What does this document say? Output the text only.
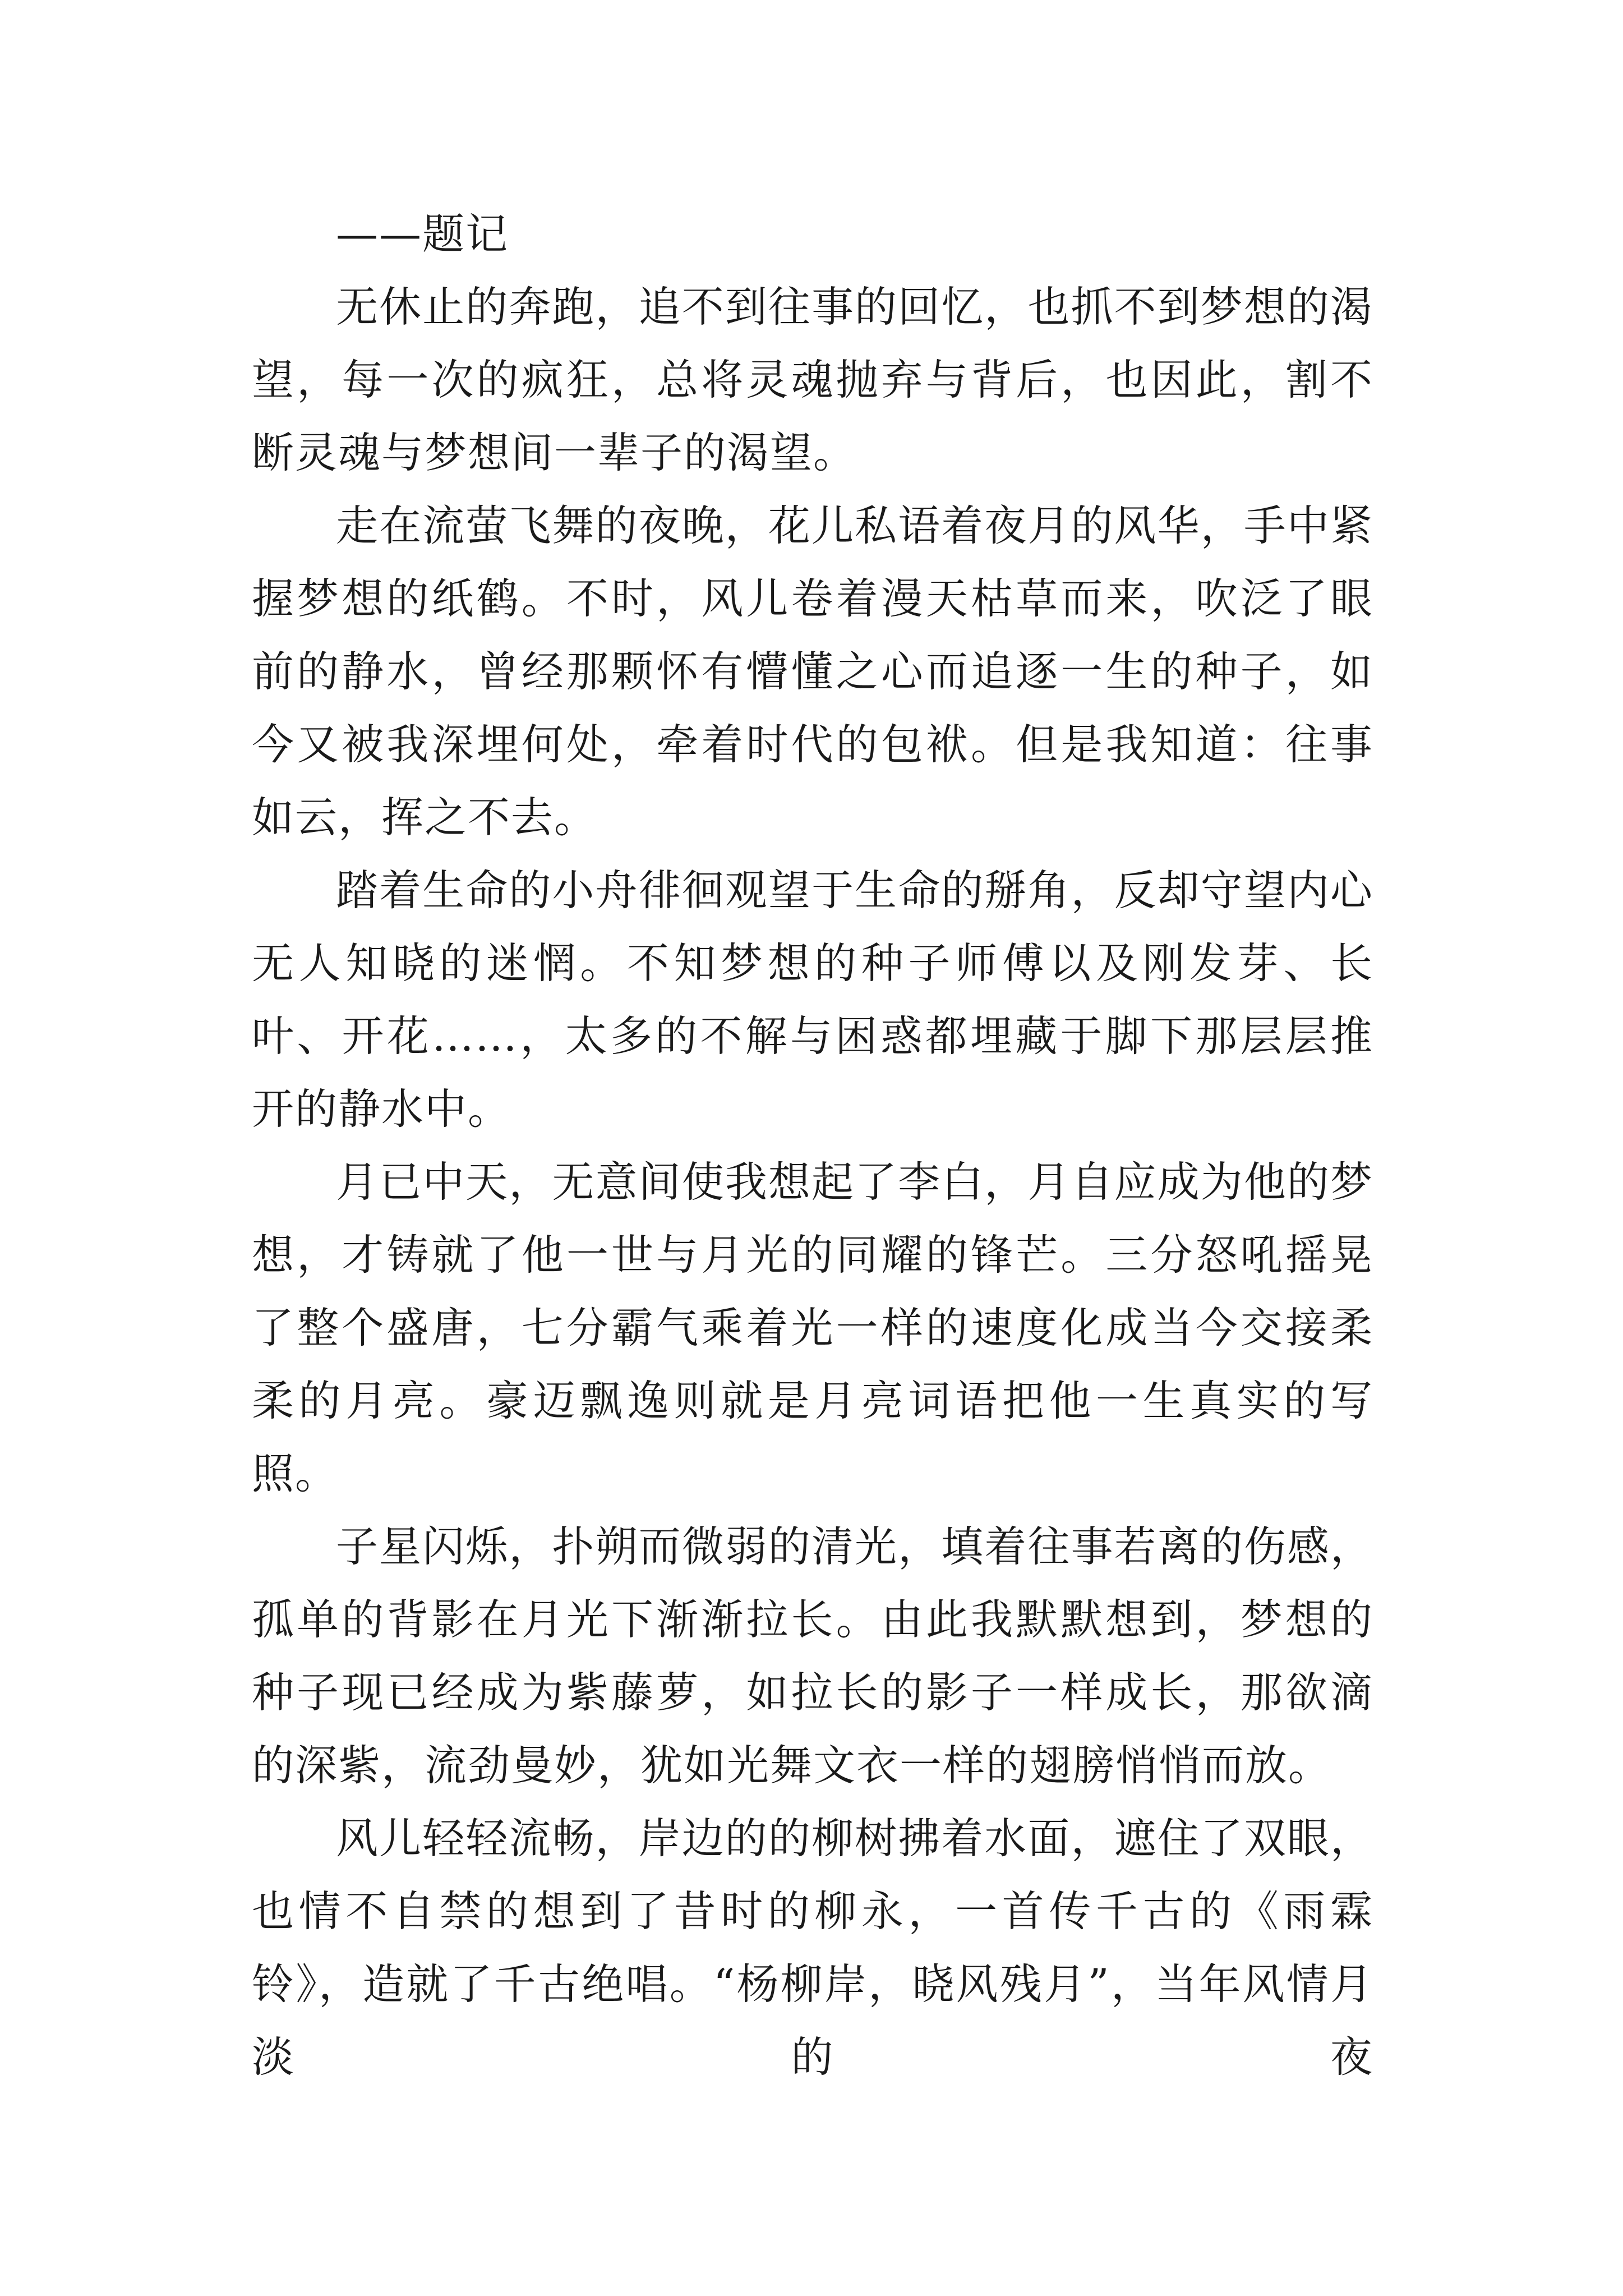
——题记

无休止的奔跑，追不到往事的回忆，也抓不到梦想的渴望，每一次的疯狂，总将灵魂抛弃与背后，也因此，割不断灵魂与梦想间一辈子的渴望。

走在流萤飞舞的夜晚，花儿私语着夜月的风华，手中紧握梦想的纸鹤。不时，风儿卷着漫天枯草而来，吹泛了眼前的静水，曾经那颗怀有懵懂之心而追逐一生的种子，如今又被我深埋何处，牵着时代的包袱。但是我知道：往事如云，挥之不去。

踏着生命的小舟徘徊观望于生命的掰角，反却守望内心无人知晓的迷惘。不知梦想的种子师傅以及刚发芽、长叶、开花……，太多的不解与困惑都埋藏于脚下那层层推开的静水中。

月已中天，无意间使我想起了李白，月自应成为他的梦想，才铸就了他一世与月光的同耀的锋芒。三分怒吼摇晃了整个盛唐，七分霸气乘着光一样的速度化成当今交接柔柔的月亮。豪迈飘逸则就是月亮词语把他一生真实的写照。

子星闪烁，扑朔而微弱的清光，填着往事若离的伤感，孤单的背影在月光下渐渐拉长。由此我默默想到，梦想的种子现已经成为紫藤萝，如拉长的影子一样成长，那欲滴的深紫，流劲曼妙，犹如光舞文衣一样的翅膀悄悄而放。

风儿轻轻流畅，岸边的的柳树拂着水面，遮住了双眼，也情不自禁的想到了昔时的柳永，一首传千古的《雨霖铃》，造就了千古绝唱。“杨柳岸，晓风残月”，当年风情月淡的夜
